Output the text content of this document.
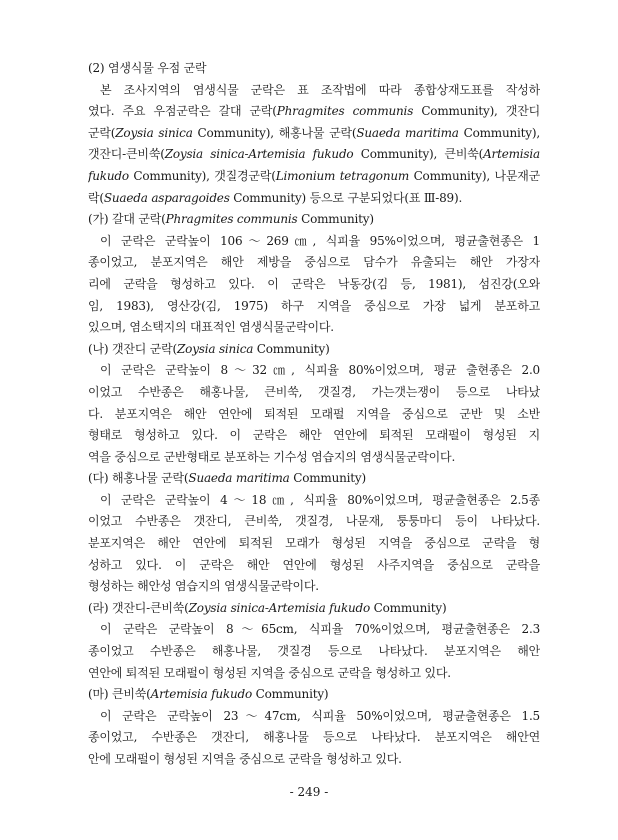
(2) 염생식물 우점 군락
본 조사지역의 염생식물 군락은 표 조작법에 따라 종합상재도표를 작성하
였다. 주요 우점군락은 갈대 군락(Phragmites communis Community), 갯잔디
군락(Zoysia sinica Community), 해홍나물 군락(Suaeda maritima Community),
갯잔디-큰비쑥(Zoysia sinica-Artemisia fukudo Community), 큰비쑥(Artemisia
fukudo Community), 갯질경군락(Limonium tetragonum Community), 나문재군
락(Suaeda asparagoides Community) 등으로 구분되었다(표 Ⅲ-89).
(가) 갈대 군락(Phragmites communis Community)
이 군락은 군락높이 106～269㎝, 식피율 95%이었으며, 평균출현종은 1
종이었고, 분포지역은 해안 제방을 중심으로 담수가 유출되는 해안 가장자
리에 군락을 형성하고 있다. 이 군락은 낙동강(김 등, 1981), 섬진강(오와
임, 1983), 영산강(김, 1975) 하구 지역을 중심으로 가장 넓게 분포하고
있으며, 염소택지의 대표적인 염생식물군락이다.
(나) 갯잔디 군락(Zoysia sinica Community)
이 군락은 군락높이 8～32㎝, 식피율 80%이었으며, 평균 출현종은 2.0
이었고 수반종은 해홍나물, 큰비쑥, 갯질경, 가는갯는쟁이 등으로 나타났
다. 분포지역은 해안 연안에 퇴적된 모래펄 지역을 중심으로 군반 및 소반
형태로 형성하고 있다. 이 군락은 해안 연안에 퇴적된 모래펄이 형성된 지
역을 중심으로 군반형태로 분포하는 기수성 염습지의 염생식물군락이다.
(다) 해홍나물 군락(Suaeda maritima Community)
이 군락은 군락높이 4～18㎝, 식피율 80%이었으며, 평균출현종은 2.5종
이었고 수반종은 갯잔디, 큰비쑥, 갯질경, 나문재, 퉁퉁마디 등이 나타났다.
분포지역은 해안 연안에 퇴적된 모래가 형성된 지역을 중심으로 군락을 형
성하고 있다. 이 군락은 해안 연안에 형성된 사주지역을 중심으로 군락을
형성하는 해안성 염습지의 염생식물군락이다.
(라) 갯잔디-큰비쑥(Zoysia sinica-Artemisia fukudo Community)
이 군락은 군락높이 8～65cm, 식피율 70%이었으며, 평균출현종은 2.3
종이었고 수반종은 해홍나물, 갯질경 등으로 나타났다. 분포지역은 해안
연안에 퇴적된 모래펄이 형성된 지역을 중심으로 군락을 형성하고 있다.
(마) 큰비쑥(Artemisia fukudo Community)
이 군락은 군락높이 23～47cm, 식피율 50%이었으며, 평균출현종은 1.5
종이었고, 수반종은 갯잔디, 해홍나물 등으로 나타났다. 분포지역은 해안연
안에 모래펄이 형성된 지역을 중심으로 군락을 형성하고 있다.
- 249 -
